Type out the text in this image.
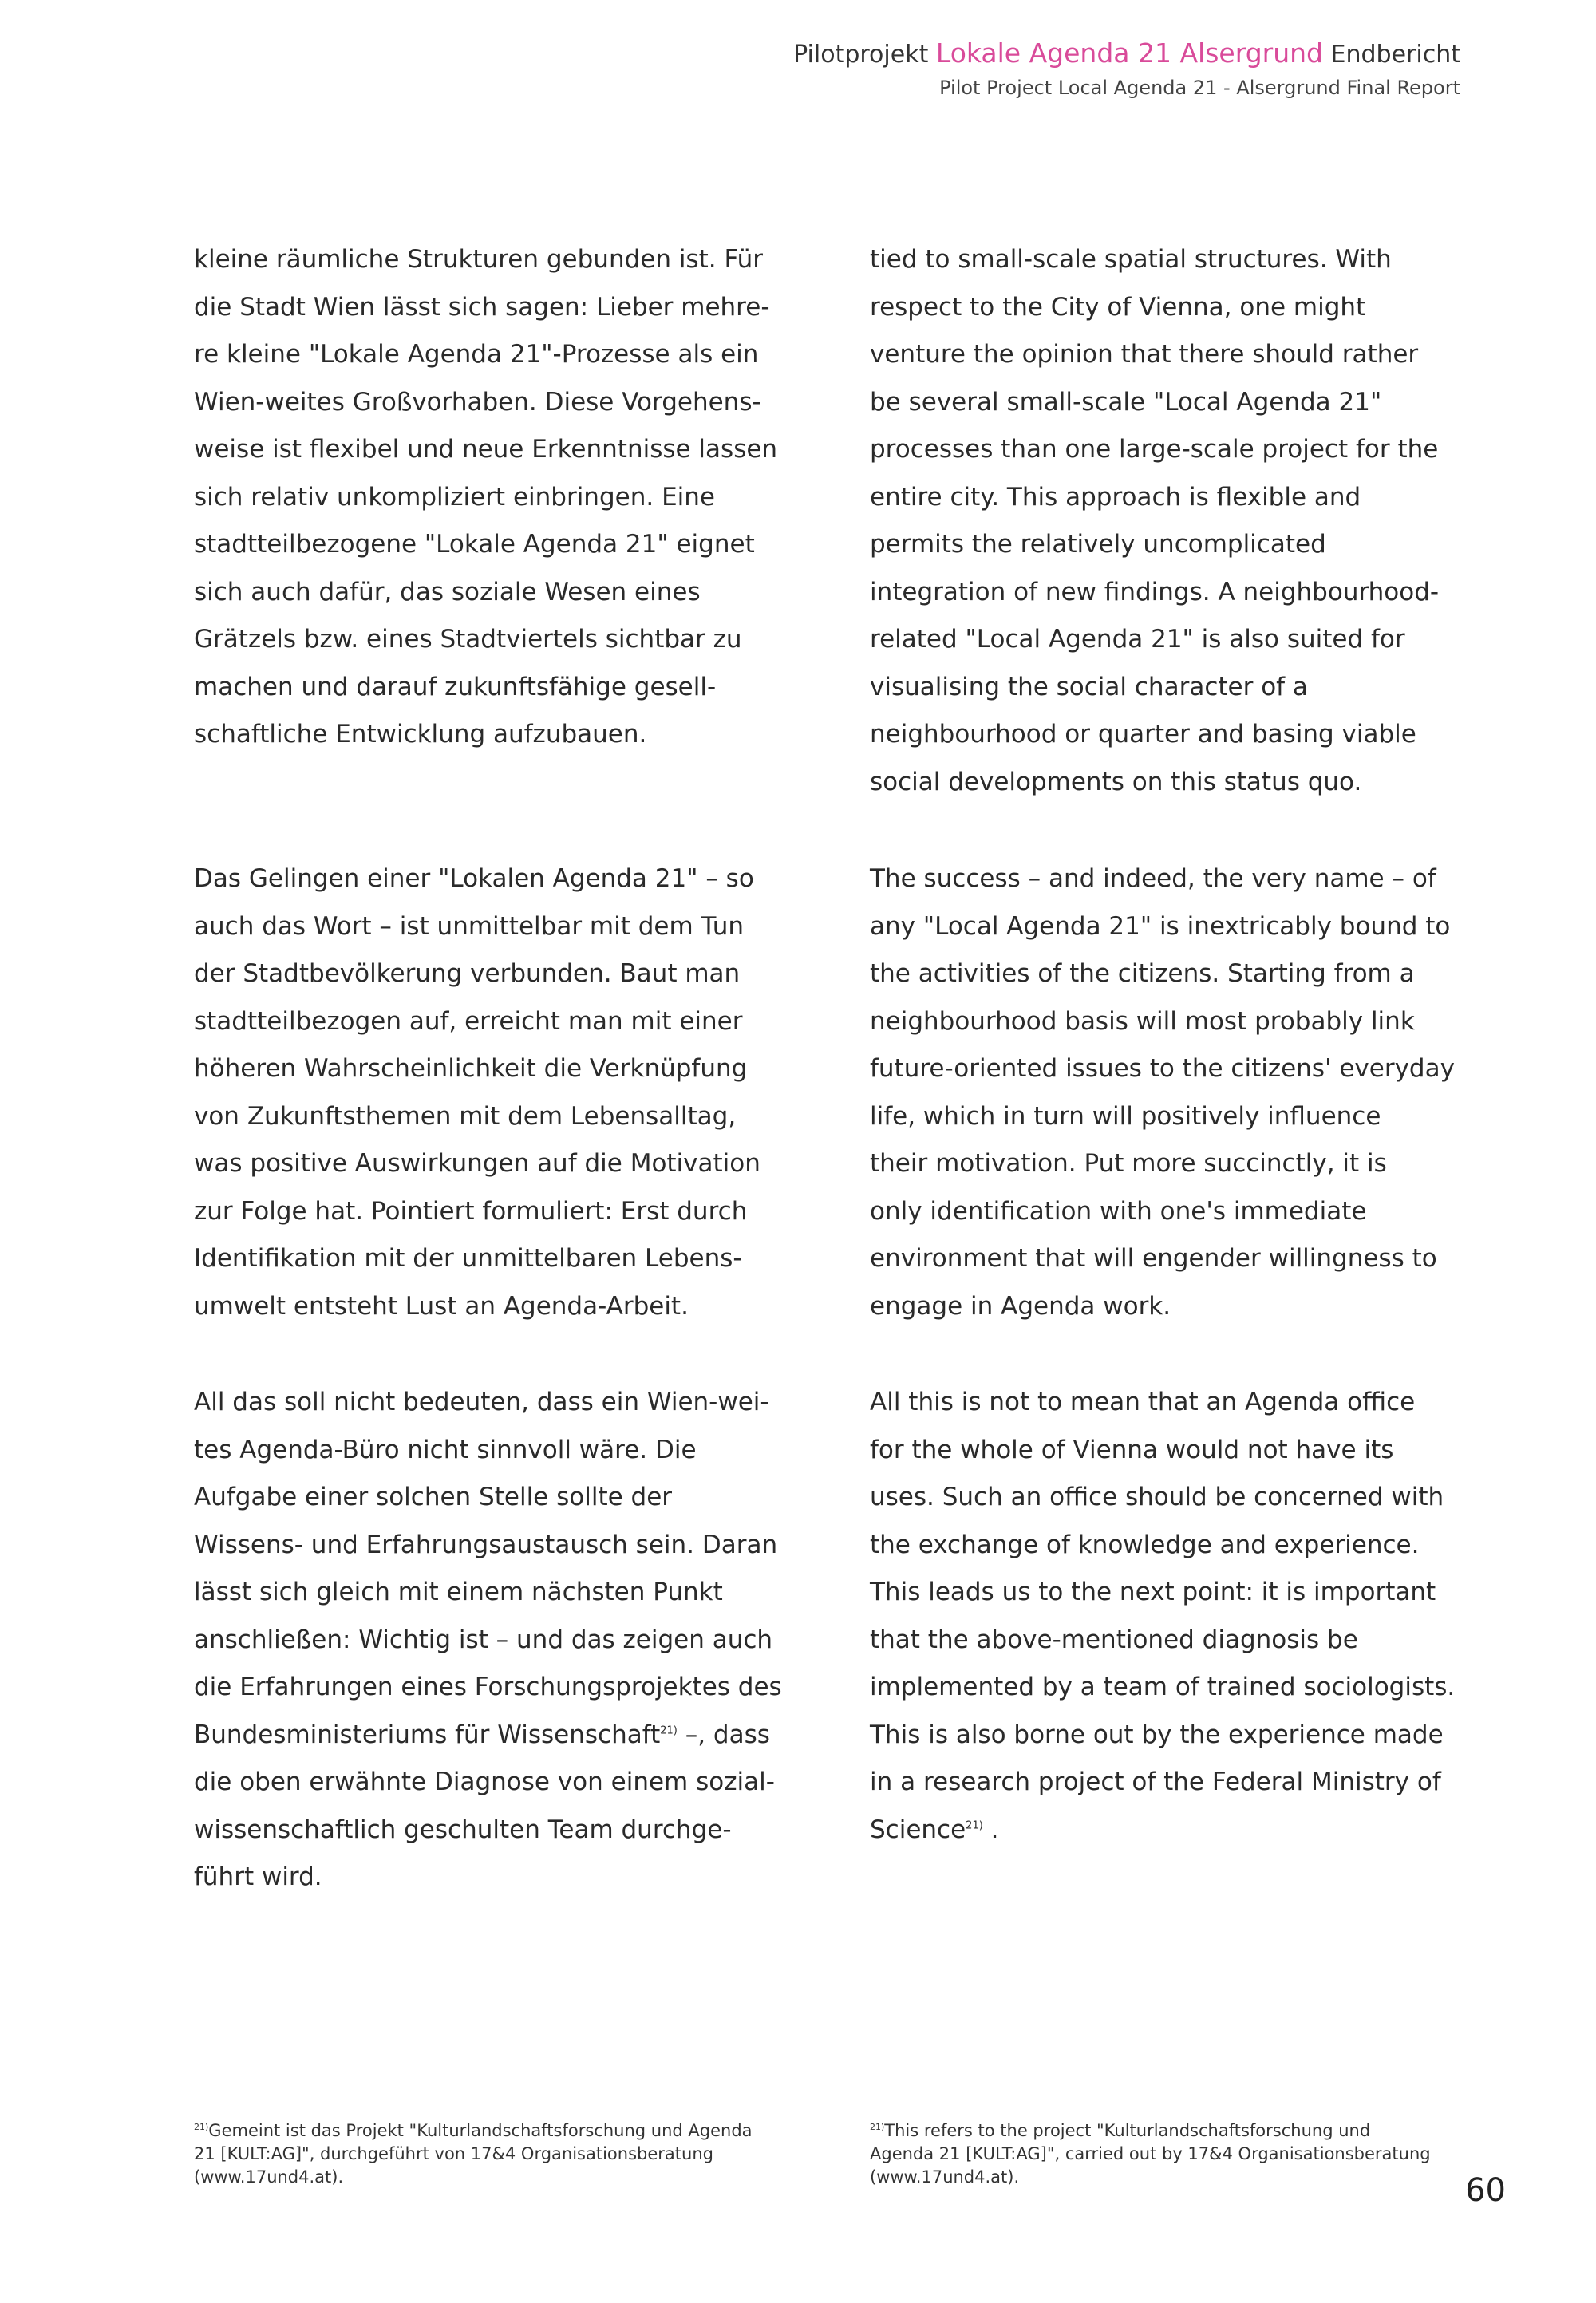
Pilotprojekt Lokale Agenda 21 Alsergrund Endbericht
Pilot Project Local Agenda 21 - Alsergrund Final Report

kleine räumliche Strukturen gebunden ist. Für
die Stadt Wien lässt sich sagen: Lieber mehre-
re kleine "Lokale Agenda 21"-Prozesse als ein
Wien-weites Großvorhaben. Diese Vorgehens-
weise ist flexibel und neue Erkenntnisse lassen
sich relativ unkompliziert einbringen. Eine
stadtteilbezogene "Lokale Agenda 21" eignet
sich auch dafür, das soziale Wesen eines
Grätzels bzw. eines Stadtviertels sichtbar zu
machen und darauf zukunftsfähige gesell-
schaftliche Entwicklung aufzubauen.

Das Gelingen einer "Lokalen Agenda 21" – so
auch das Wort – ist unmittelbar mit dem Tun
der Stadtbevölkerung verbunden. Baut man
stadtteilbezogen auf, erreicht man mit einer
höheren Wahrscheinlichkeit die Verknüpfung
von Zukunftsthemen mit dem Lebensalltag,
was positive Auswirkungen auf die Motivation
zur Folge hat. Pointiert formuliert: Erst durch
Identifikation mit der unmittelbaren Lebens-
umwelt entsteht Lust an Agenda-Arbeit.

All das soll nicht bedeuten, dass ein Wien-wei-
tes Agenda-Büro nicht sinnvoll wäre. Die
Aufgabe einer solchen Stelle sollte der
Wissens- und Erfahrungsaustausch sein. Daran
lässt sich gleich mit einem nächsten Punkt
anschließen: Wichtig ist – und das zeigen auch
die Erfahrungen eines Forschungsprojektes des

Bundesministeriums für Wissenschaft$^{21)}$ –, dass

die oben erwähnte Diagnose von einem sozial-
wissenschaftlich geschulten Team durchge-
führt wird.

tied to small-scale spatial structures. With
respect to the City of Vienna, one might
venture the opinion that there should rather
be several small-scale "Local Agenda 21"
processes than one large-scale project for the
entire city. This approach is flexible and
permits the relatively uncomplicated
integration of new findings. A neighbourhood-
related "Local Agenda 21" is also suited for
visualising the social character of a
neighbourhood or quarter and basing viable
social developments on this status quo.

The success – and indeed, the very name – of
any "Local Agenda 21" is inextricably bound to
the activities of the citizens. Starting from a
neighbourhood basis will most probably link
future-oriented issues to the citizens' everyday
life, which in turn will positively influence
their motivation. Put more succinctly, it is
only identification with one's immediate
environment that will engender willingness to
engage in Agenda work.

All this is not to mean that an Agenda office
for the whole of Vienna would not have its
uses. Such an office should be concerned with
the exchange of knowledge and experience.
This leads us to the next point: it is important
that the above-mentioned diagnosis be
implemented by a team of trained sociologists.
This is also borne out by the experience made
in a research project of the Federal Ministry of

Science$^{21)}$ .

$^{21)}$Gemeint ist das Projekt "Kulturlandschaftsforschung und Agenda
21 [KULT:AG]", durchgeführt von 17&4 Organisationsberatung
(www.17und4.at).
$^{21)}$This refers to the project "Kulturlandschaftsforschung und
Agenda 21 [KULT:AG]", carried out by 17&4 Organisationsberatung
(www.17und4.at).	60
